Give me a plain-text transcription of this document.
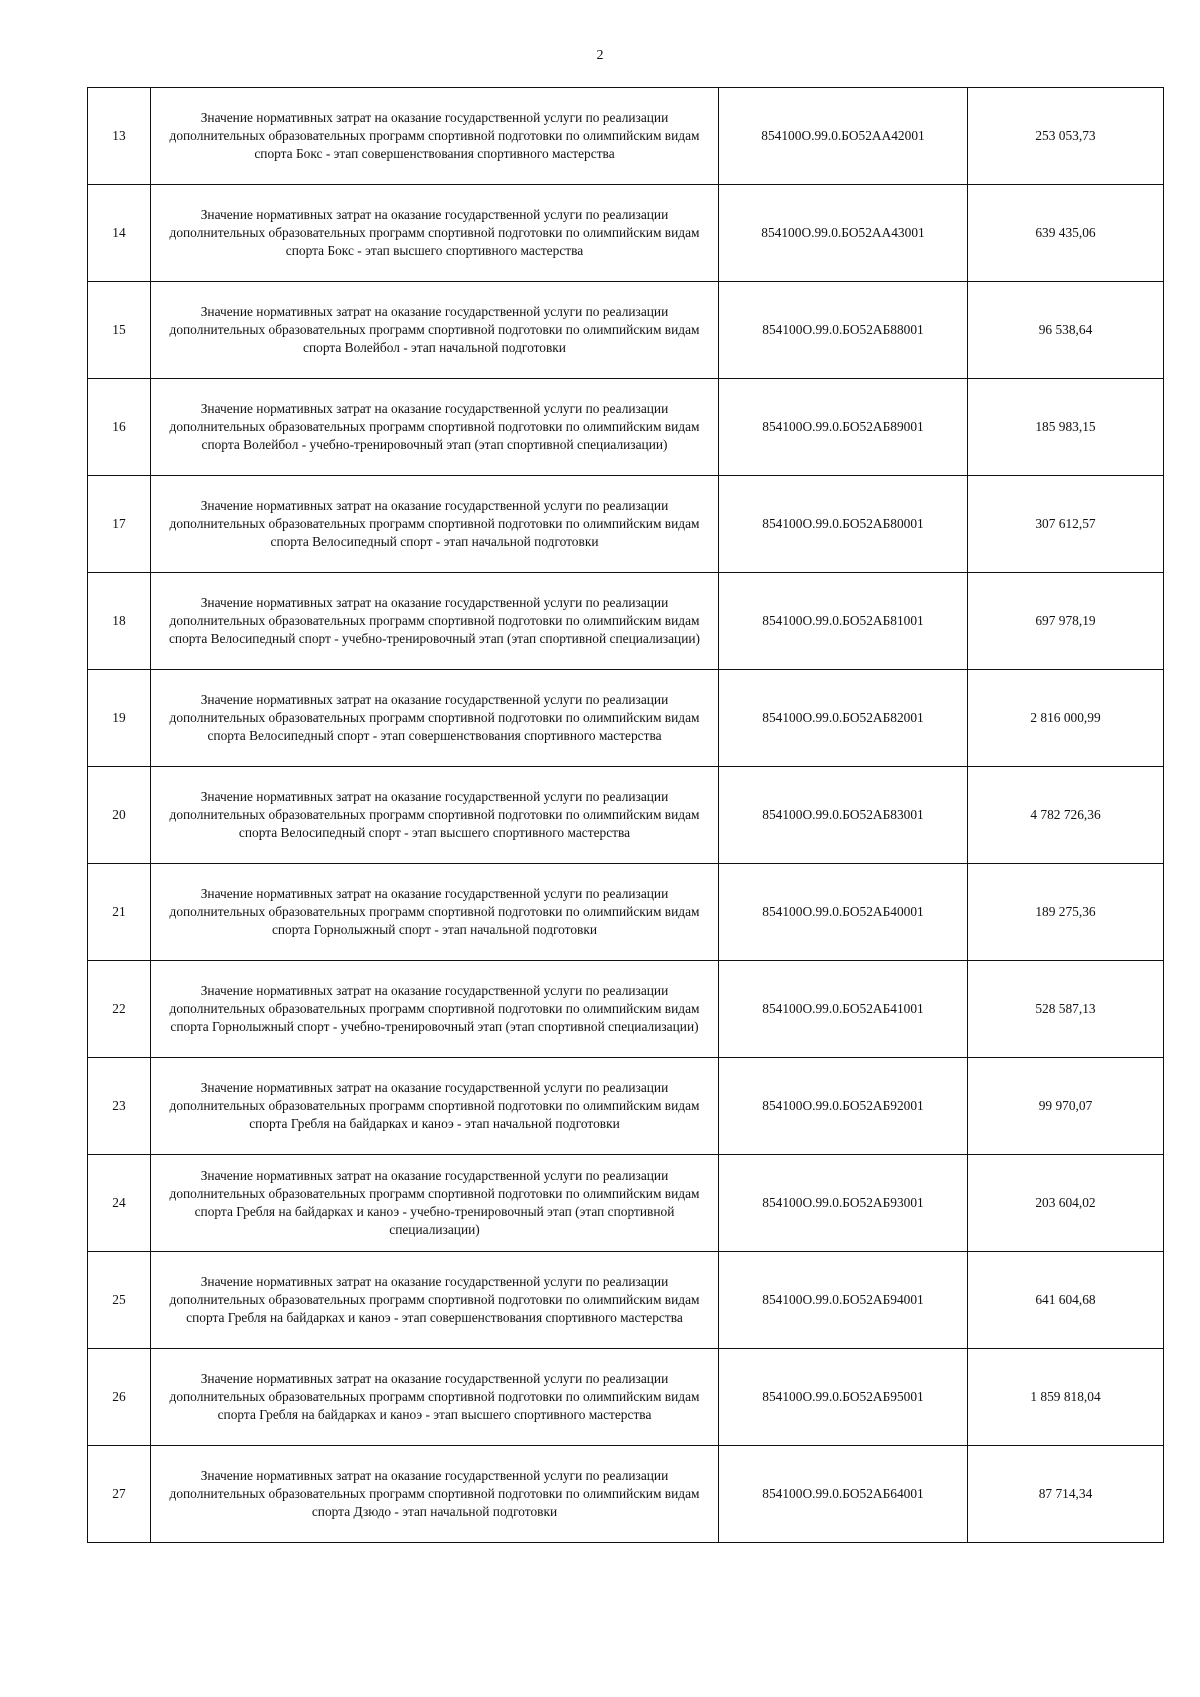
2
13	Значение нормативных затрат на оказание государственной услуги по реализации дополнительных образовательных программ спортивной подготовки по олимпийским видам спорта Бокс - этап совершенствования спортивного мастерства	854100О.99.0.БО52АА42001	253 053,73
14	Значение нормативных затрат на оказание государственной услуги по реализации дополнительных образовательных программ спортивной подготовки по олимпийским видам спорта Бокс - этап высшего спортивного мастерства	854100О.99.0.БО52АА43001	639 435,06
15	Значение нормативных затрат на оказание государственной услуги по реализации дополнительных образовательных программ спортивной подготовки по олимпийским видам спорта Волейбол - этап начальной подготовки	854100О.99.0.БО52АБ88001	96 538,64
16	Значение нормативных затрат на оказание государственной услуги по реализации дополнительных образовательных программ спортивной подготовки по олимпийским видам спорта Волейбол - учебно-тренировочный этап (этап спортивной специализации)	854100О.99.0.БО52АБ89001	185 983,15
17	Значение нормативных затрат на оказание государственной услуги по реализации дополнительных образовательных программ спортивной подготовки по олимпийским видам спорта Велосипедный спорт - этап начальной подготовки	854100О.99.0.БО52АБ80001	307 612,57
18	Значение нормативных затрат на оказание государственной услуги по реализации дополнительных образовательных программ спортивной подготовки по олимпийским видам спорта Велосипедный спорт - учебно-тренировочный этап (этап спортивной специализации)	854100О.99.0.БО52АБ81001	697 978,19
19	Значение нормативных затрат на оказание государственной услуги по реализации дополнительных образовательных программ спортивной подготовки по олимпийским видам спорта Велосипедный спорт - этап совершенствования спортивного мастерства	854100О.99.0.БО52АБ82001	2 816 000,99
20	Значение нормативных затрат на оказание государственной услуги по реализации дополнительных образовательных программ спортивной подготовки по олимпийским видам спорта Велосипедный спорт - этап высшего спортивного мастерства	854100О.99.0.БО52АБ83001	4 782 726,36
21	Значение нормативных затрат на оказание государственной услуги по реализации дополнительных образовательных программ спортивной подготовки по олимпийским видам спорта Горнолыжный спорт - этап начальной подготовки	854100О.99.0.БО52АБ40001	189 275,36
22	Значение нормативных затрат на оказание государственной услуги по реализации дополнительных образовательных программ спортивной подготовки по олимпийским видам спорта Горнолыжный спорт - учебно-тренировочный этап (этап спортивной специализации)	854100О.99.0.БО52АБ41001	528 587,13
23	Значение нормативных затрат на оказание государственной услуги по реализации дополнительных образовательных программ спортивной подготовки по олимпийским видам спорта Гребля на байдарках и каноэ - этап начальной подготовки	854100О.99.0.БО52АБ92001	99 970,07
24	Значение нормативных затрат на оказание государственной услуги по реализации дополнительных образовательных программ спортивной подготовки по олимпийским видам спорта Гребля на байдарках и каноэ - учебно-тренировочный этап (этап спортивной специализации)	854100О.99.0.БО52АБ93001	203 604,02
25	Значение нормативных затрат на оказание государственной услуги по реализации дополнительных образовательных программ спортивной подготовки по олимпийским видам спорта Гребля на байдарках и каноэ - этап совершенствования спортивного мастерства	854100О.99.0.БО52АБ94001	641 604,68
26	Значение нормативных затрат на оказание государственной услуги по реализации дополнительных образовательных программ спортивной подготовки по олимпийским видам спорта Гребля на байдарках и каноэ - этап высшего спортивного мастерства	854100О.99.0.БО52АБ95001	1 859 818,04
27	Значение нормативных затрат на оказание государственной услуги по реализации дополнительных образовательных программ спортивной подготовки по олимпийским видам спорта Дзюдо - этап начальной подготовки	854100О.99.0.БО52АБ64001	87 714,34
